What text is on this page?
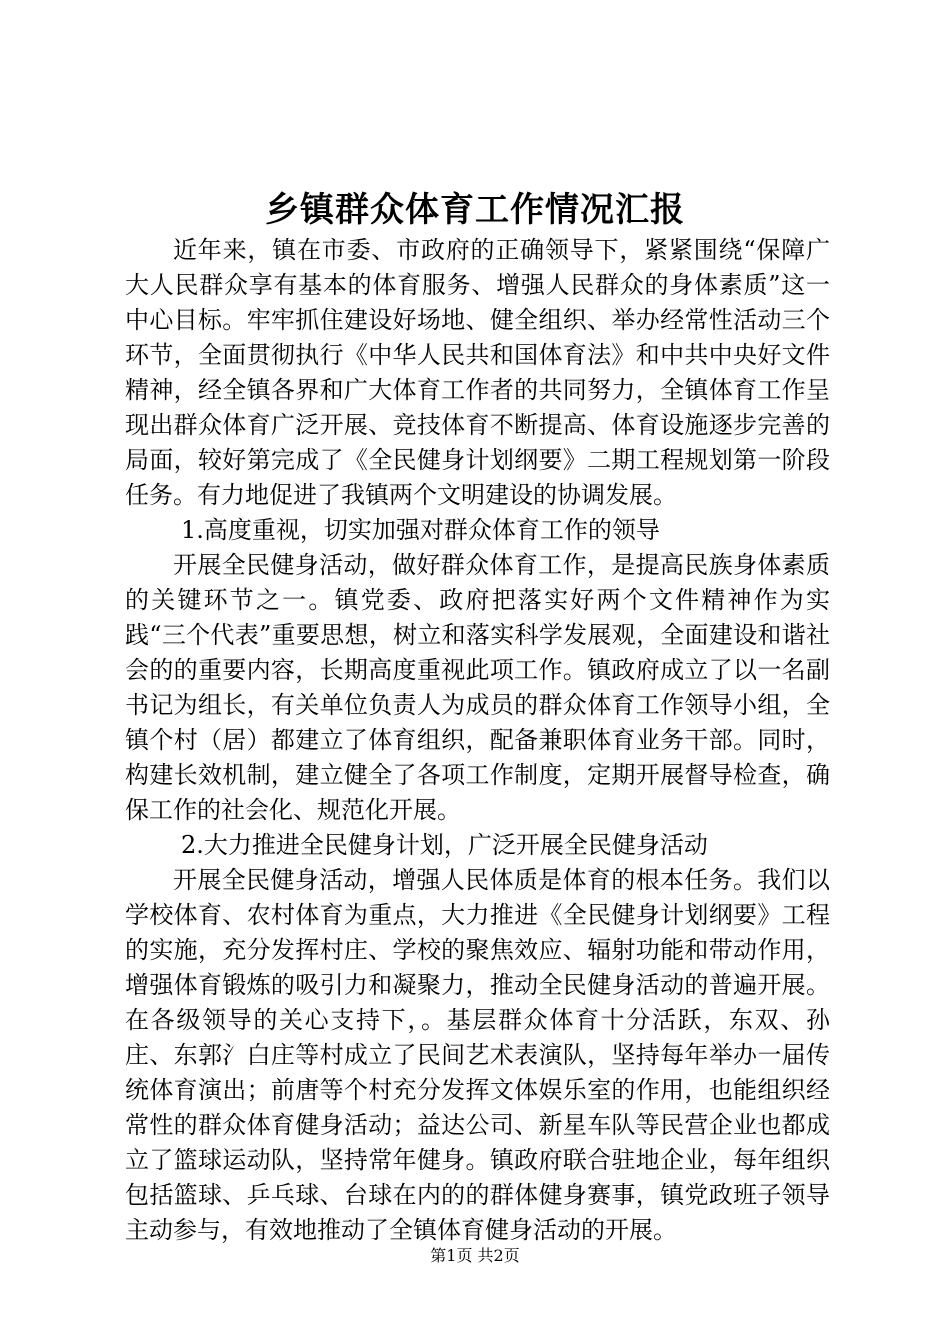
乡镇群众体育工作情况汇报

近年来，镇在市委、市政府的正确领导下，紧紧围绕“保障广大人民群众享有基本的体育服务、增强人民群众的身体素质”这一中心目标。牢牢抓住建设好场地、健全组织、举办经常性活动三个环节，全面贯彻执行《中华人民共和国体育法》和中共中央好文件精神，经全镇各界和广大体育工作者的共同努力，全镇体育工作呈现出群众体育广泛开展、竞技体育不断提高、体育设施逐步完善的局面，较好第完成了《全民健身计划纲要》二期工程规划第一阶段任务。有力地促进了我镇两个文明建设的协调发展。

1.高度重视，切实加强对群众体育工作的领导

开展全民健身活动，做好群众体育工作，是提高民族身体素质的关键环节之一。镇党委、政府把落实好两个文件精神作为实践“三个代表”重要思想，树立和落实科学发展观，全面建设和谐社会的的重要内容，长期高度重视此项工作。镇政府成立了以一名副书记为组长，有关单位负责人为成员的群众体育工作领导小组，全镇个村（居）都建立了体育组织，配备兼职体育业务干部。同时，构建长效机制，建立健全了各项工作制度，定期开展督导检查，确保工作的社会化、规范化开展。

2.大力推进全民健身计划，广泛开展全民健身活动

开展全民健身活动，增强人民体质是体育的根本任务。我们以学校体育、农村体育为重点，大力推进《全民健身计划纲要》工程的实施，充分发挥村庄、学校的聚焦效应、辐射功能和带动作用，增强体育锻炼的吸引力和凝聚力，推动全民健身活动的普遍开展。在各级领导的关心支持下，。基层群众体育十分活跃，东双、孙庄、东郭氵白庄等村成立了民间艺术表演队，坚持每年举办一届传统体育演出；前唐等个村充分发挥文体娱乐室的作用，也能组织经常性的群众体育健身活动；益达公司、新星车队等民营企业也都成立了篮球运动队，坚持常年健身。镇政府联合驻地企业，每年组织包括篮球、乒乓球、台球在内的的群体健身赛事，镇党政班子领导主动参与，有效地推动了全镇体育健身活动的开展。

第1页 共2页
